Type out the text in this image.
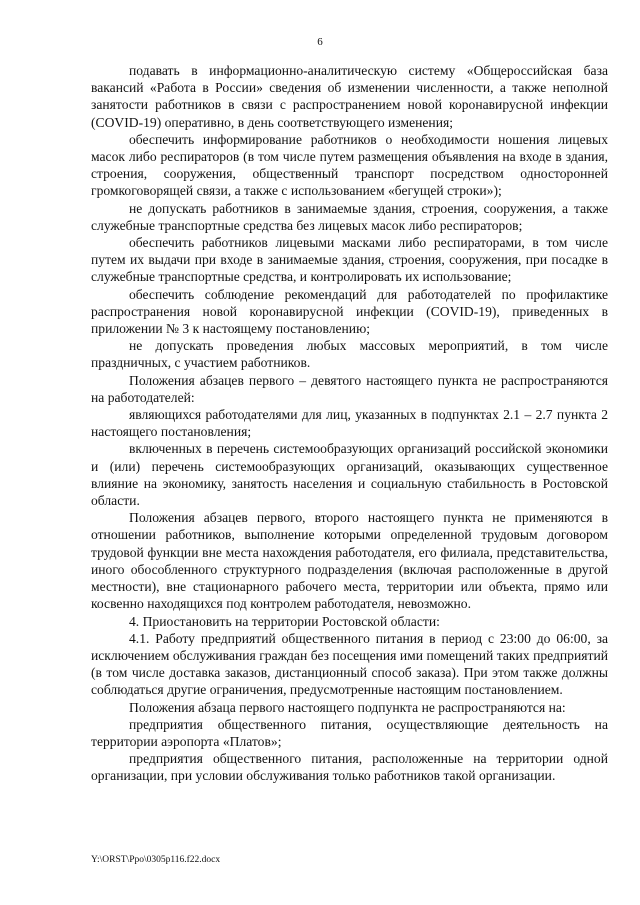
6

подавать в информационно-аналитическую систему «Общероссийская база вакансий «Работа в России» сведения об изменении численности, а также неполной занятости работников в связи с распространением новой коронавирусной инфекции (COVID-19) оперативно, в день соответствующего изменения;

обеспечить информирование работников о необходимости ношения лицевых масок либо респираторов (в том числе путем размещения объявления на входе в здания, строения, сооружения, общественный транспорт посредством односторонней громкоговорящей связи, а также с использованием «бегущей строки»);

не допускать работников в занимаемые здания, строения, сооружения, а также служебные транспортные средства без лицевых масок либо респираторов;

обеспечить работников лицевыми масками либо респираторами, в том числе путем их выдачи при входе в занимаемые здания, строения, сооружения, при посадке в служебные транспортные средства, и контролировать их использование;

обеспечить соблюдение рекомендаций для работодателей по профилактике распространения новой коронавирусной инфекции (COVID-19), приведенных в приложении № 3 к настоящему постановлению;

не допускать проведения любых массовых мероприятий, в том числе праздничных, с участием работников.

Положения абзацев первого – девятого настоящего пункта не распространяются на работодателей:

являющихся работодателями для лиц, указанных в подпунктах 2.1 – 2.7 пункта 2 настоящего постановления;

включенных в перечень системообразующих организаций российской экономики и (или) перечень системообразующих организаций, оказывающих существенное влияние на экономику, занятость населения и социальную стабильность в Ростовской области.

Положения абзацев первого, второго настоящего пункта не применяются в отношении работников, выполнение которыми определенной трудовым договором трудовой функции вне места нахождения работодателя, его филиала, представительства, иного обособленного структурного подразделения (включая расположенные в другой местности), вне стационарного рабочего места, территории или объекта, прямо или косвенно находящихся под контролем работодателя, невозможно.

4. Приостановить на территории Ростовской области:

4.1. Работу предприятий общественного питания в период с 23:00 до 06:00, за исключением обслуживания граждан без посещения ими помещений таких предприятий (в том числе доставка заказов, дистанционный способ заказа). При этом также должны соблюдаться другие ограничения, предусмотренные настоящим постановлением.

Положения абзаца первого настоящего подпункта не распространяются на:

предприятия общественного питания, осуществляющие деятельность на территории аэропорта «Платов»;

предприятия общественного питания, расположенные на территории одной организации, при условии обслуживания только работников такой организации.

Y:\ORST\Ppo\0305p116.f22.docx
